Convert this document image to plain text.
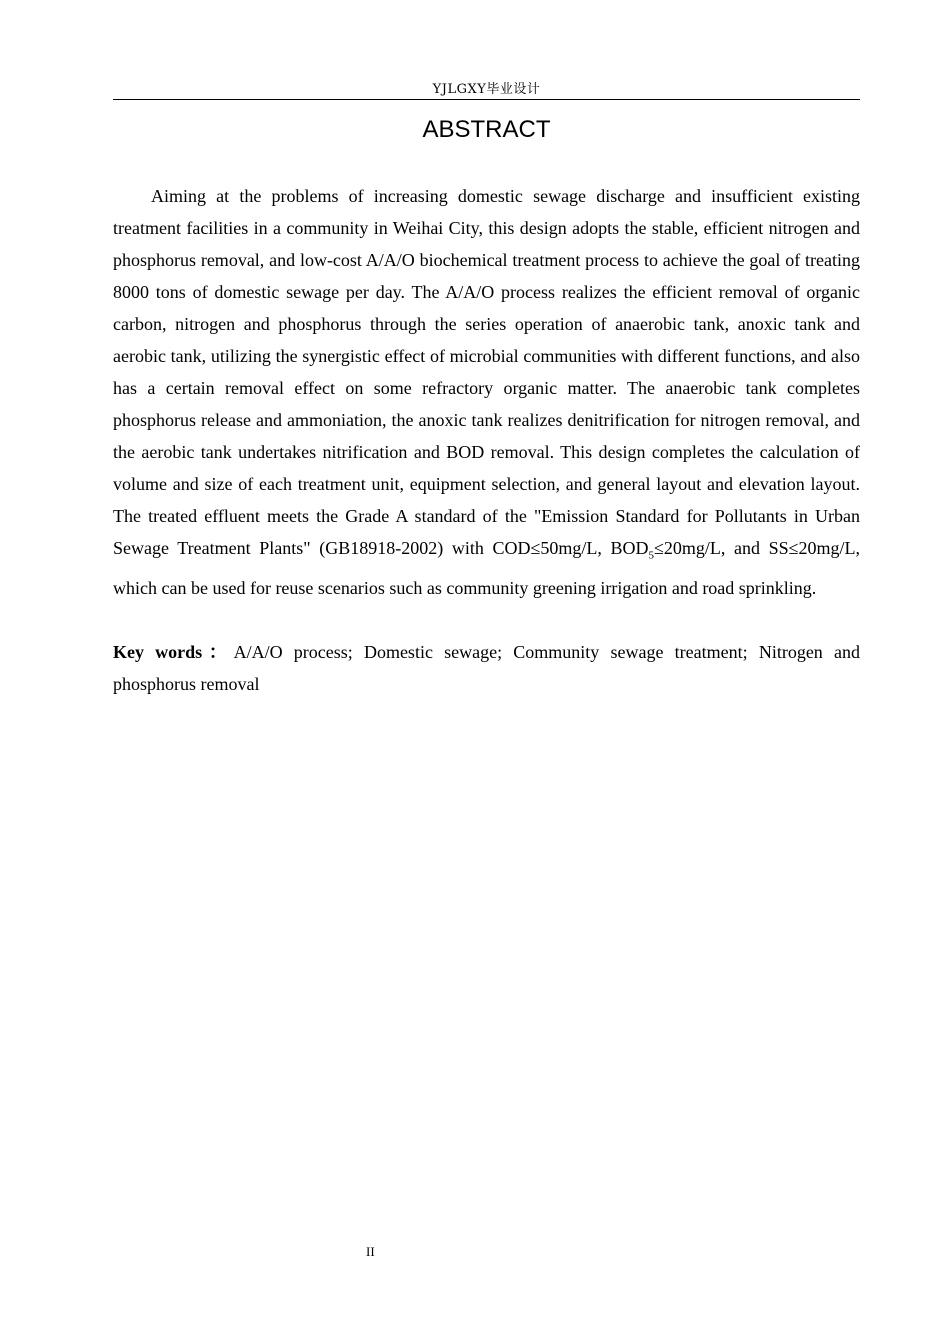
YJLGXY毕业设计
ABSTRACT

Aiming at the problems of increasing domestic sewage discharge and insufficient existing treatment facilities in a community in Weihai City, this design adopts the stable, efficient nitrogen and phosphorus removal, and low-cost A/A/O biochemical treatment process to achieve the goal of treating 8000 tons of domestic sewage per day. The A/A/O process realizes the efficient removal of organic carbon, nitrogen and phosphorus through the series operation of anaerobic tank, anoxic tank and aerobic tank, utilizing the synergistic effect of microbial communities with different functions, and also has a certain removal effect on some refractory organic matter. The anaerobic tank completes phosphorus release and ammoniation, the anoxic tank realizes denitrification for nitrogen removal, and the aerobic tank undertakes nitrification and BOD removal. This design completes the calculation of volume and size of each treatment unit, equipment selection, and general layout and elevation layout. The treated effluent meets the Grade A standard of the "Emission Standard for Pollutants in Urban Sewage Treatment Plants" (GB18918-2002) with COD≤50mg/L, $BOD_5\le 20mg/L$, and SS≤20mg/L, which can be used for reuse scenarios such as community greening irrigation and road sprinkling.

Key words：A/A/O process; Domestic sewage; Community sewage treatment; Nitrogen and phosphorus removal

II
